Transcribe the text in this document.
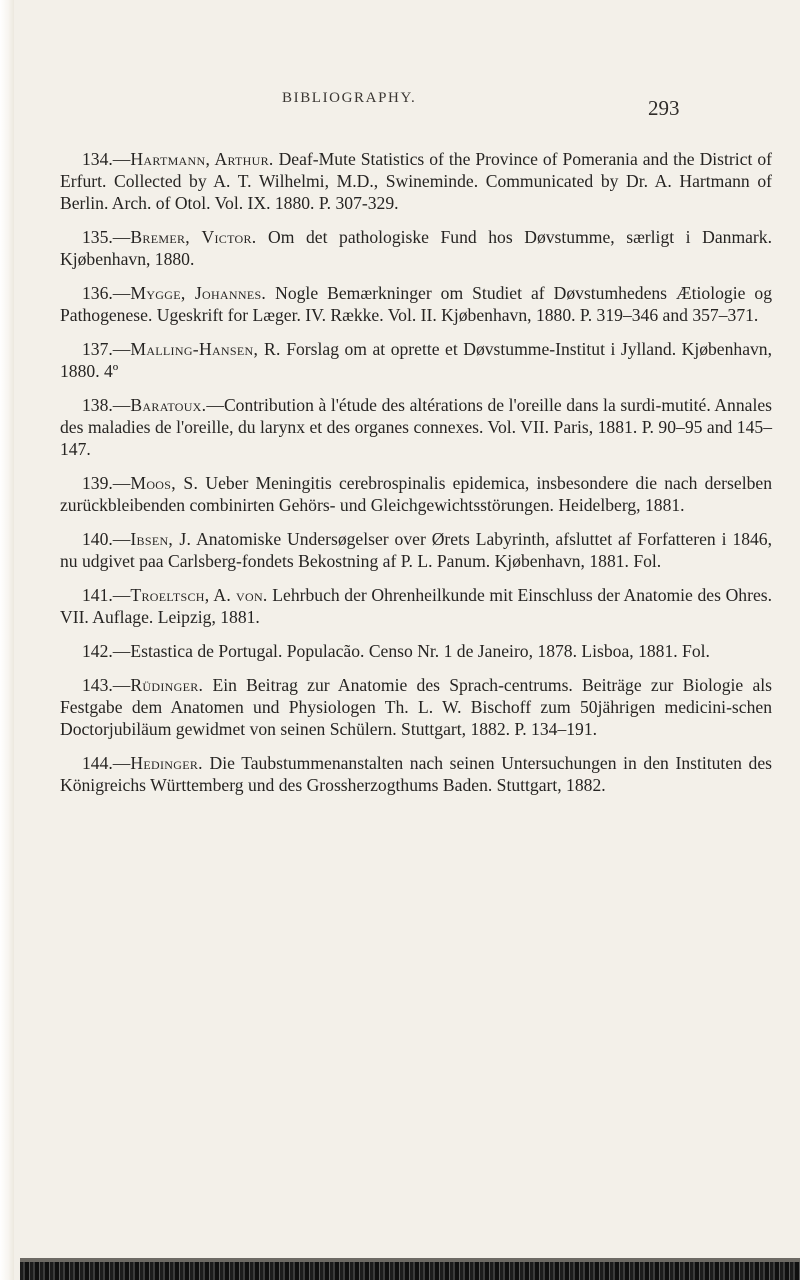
BIBLIOGRAPHY.	293

134.—Hartmann, Arthur. Deaf-Mute Statistics of the Province of Pomerania and the District of Erfurt. Collected by A. T. Wilhelmi, M.D., Swineminde. Communicated by Dr. A. Hartmann of Berlin. Arch. of Otol. Vol. IX. 1880. P. 307-329.

135.—Bremer, Victor. Om det pathologiske Fund hos Døvstumme, særligt i Danmark. Kjøbenhavn, 1880.

136.—Mygge, Johannes. Nogle Bemærkninger om Studiet af Døvstumhedens Ætiologie og Pathogenese. Ugeskrift for Læger. IV. Række. Vol. II. Kjøbenhavn, 1880. P. 319–346 and 357–371.

137.—Malling-Hansen, R. Forslag om at oprette et Døvstumme-Institut i Jylland. Kjøbenhavn, 1880. 4º

138.—Baratoux.—Contribution à l'étude des altérations de l'oreille dans la surdi-mutité. Annales des maladies de l'oreille, du larynx et des organes connexes. Vol. VII. Paris, 1881. P. 90–95 and 145–147.

139.—Moos, S. Ueber Meningitis cerebrospinalis epidemica, insbesondere die nach derselben zurückbleibenden combinirten Gehörs- und Gleichgewichtsstörungen. Heidelberg, 1881.

140.—Ibsen, J. Anatomiske Undersøgelser over Ørets Labyrinth, afsluttet af Forfatteren i 1846, nu udgivet paa Carlsberg-fondets Bekostning af P. L. Panum. Kjøbenhavn, 1881. Fol.

141.—Troeltsch, A. von. Lehrbuch der Ohrenheilkunde mit Einschluss der Anatomie des Ohres. VII. Auflage. Leipzig, 1881.

142.—Estastica de Portugal. Populacão. Censo Nr. 1 de Janeiro, 1878. Lisboa, 1881. Fol.

143.—Rüdinger. Ein Beitrag zur Anatomie des Sprach-centrums. Beiträge zur Biologie als Festgabe dem Anatomen und Physiologen Th. L. W. Bischoff zum 50jährigen medicini-schen Doctorjubiläum gewidmet von seinen Schülern. Stuttgart, 1882. P. 134–191.

144.—Hedinger. Die Taubstummenanstalten nach seinen Untersuchungen in den Instituten des Königreichs Württemberg und des Grossherzogthums Baden. Stuttgart, 1882.
